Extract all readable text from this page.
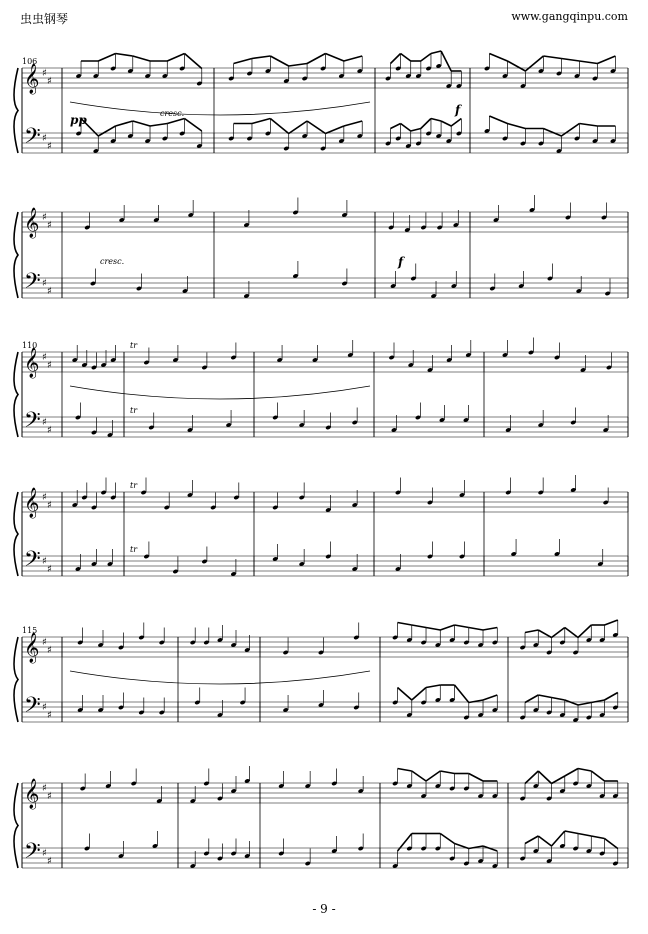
虫虫钢琴	www.gangqinpu.com
106
𝄞 ♯
♯
𝄢 ♯
♯
𝄞 ♯
♯
𝄢 ♯
♯
pp	cresc.	f
cresc.	f
110
𝄞 ♯
♯
𝄢 ♯
♯
𝄞 ♯
♯
𝄢 ♯
♯
tr
tr
tr
tr
115
𝄞 ♯
♯
𝄢 ♯
♯
𝄞 ♯
♯
𝄢 ♯
♯
- 9 -
